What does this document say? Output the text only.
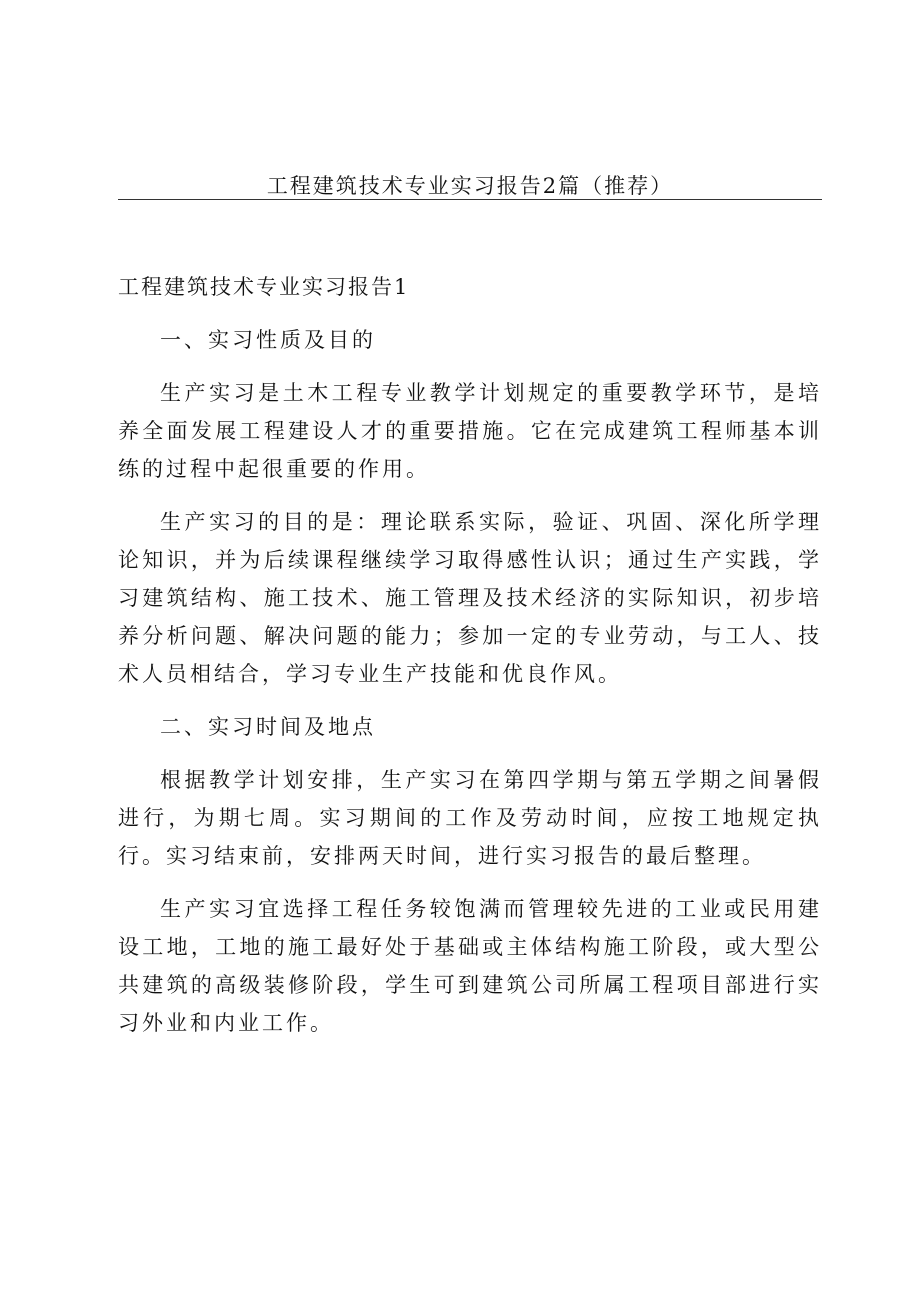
工程建筑技术专业实习报告2篇（推荐）

工程建筑技术专业实习报告1

一、实习性质及目的

生产实习是土木工程专业教学计划规定的重要教学环节，是培养全面发展工程建设人才的重要措施。它在完成建筑工程师基本训练的过程中起很重要的作用。

生产实习的目的是：理论联系实际，验证、巩固、深化所学理论知识，并为后续课程继续学习取得感性认识；通过生产实践，学习建筑结构、施工技术、施工管理及技术经济的实际知识，初步培养分析问题、解决问题的能力；参加一定的专业劳动，与工人、技术人员相结合，学习专业生产技能和优良作风。

二、实习时间及地点

根据教学计划安排，生产实习在第四学期与第五学期之间暑假进行，为期七周。实习期间的工作及劳动时间，应按工地规定执行。实习结束前，安排两天时间，进行实习报告的最后整理。

生产实习宜选择工程任务较饱满而管理较先进的工业或民用建设工地，工地的施工最好处于基础或主体结构施工阶段，或大型公共建筑的高级装修阶段，学生可到建筑公司所属工程项目部进行实习外业和内业工作。
